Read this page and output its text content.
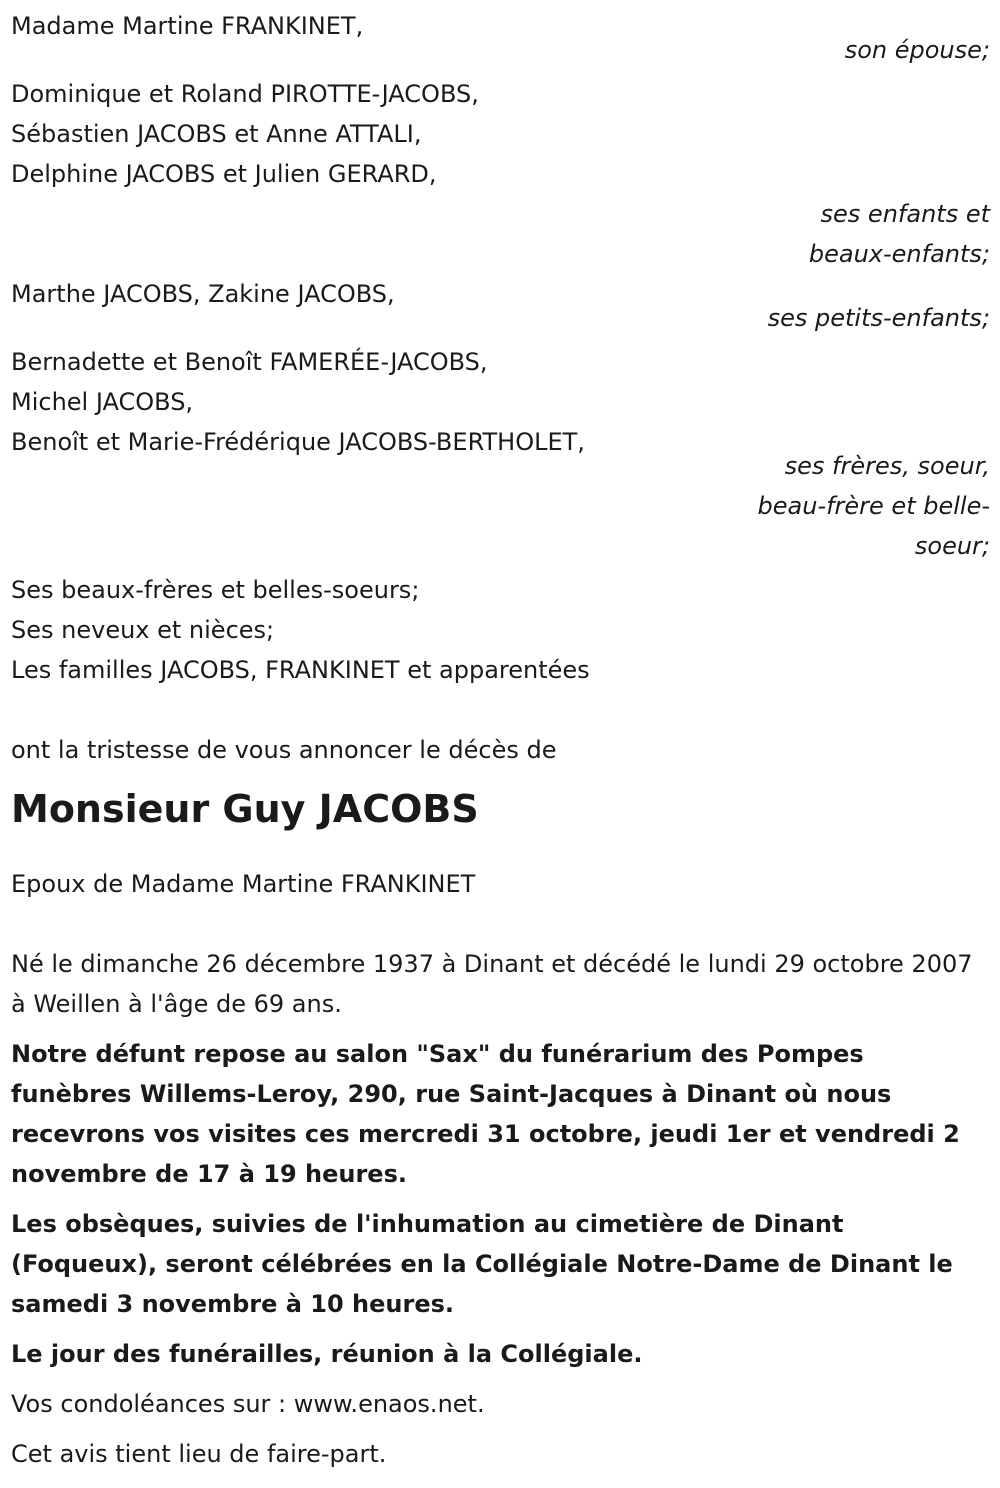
Madame Martine FRANKINET,
son épouse;
Dominique et Roland PIROTTE-JACOBS,
Sébastien JACOBS et Anne ATTALI,
Delphine JACOBS et Julien GERARD,
ses enfants et
beaux-enfants;
Marthe JACOBS, Zakine JACOBS,
ses petits-enfants;
Bernadette et Benoît FAMERÉE-JACOBS,
Michel JACOBS,
Benoît et Marie-Frédérique JACOBS-BERTHOLET,
ses frères, soeur,
beau-frère et belle-
soeur;
Ses beaux-frères et belles-soeurs;
Ses neveux et nièces;
Les familles JACOBS, FRANKINET et apparentées
ont la tristesse de vous annoncer le décès de
Monsieur Guy JACOBS
Epoux de Madame Martine FRANKINET

Né le dimanche 26 décembre 1937 à Dinant et décédé le lundi 29 octobre 2007 à Weillen à l'âge de 69 ans.

Notre défunt repose au salon "Sax" du funérarium des Pompes funèbres Willems-Leroy, 290, rue Saint-Jacques à Dinant où nous recevrons vos visites ces mercredi 31 octobre, jeudi 1er et vendredi 2 novembre de 17 à 19 heures.

Les obsèques, suivies de l'inhumation au cimetière de Dinant (Foqueux), seront célébrées en la Collégiale Notre-Dame de Dinant le samedi 3 novembre à 10 heures.

Le jour des funérailles, réunion à la Collégiale.

Vos condoléances sur : www.enaos.net.

Cet avis tient lieu de faire-part.
